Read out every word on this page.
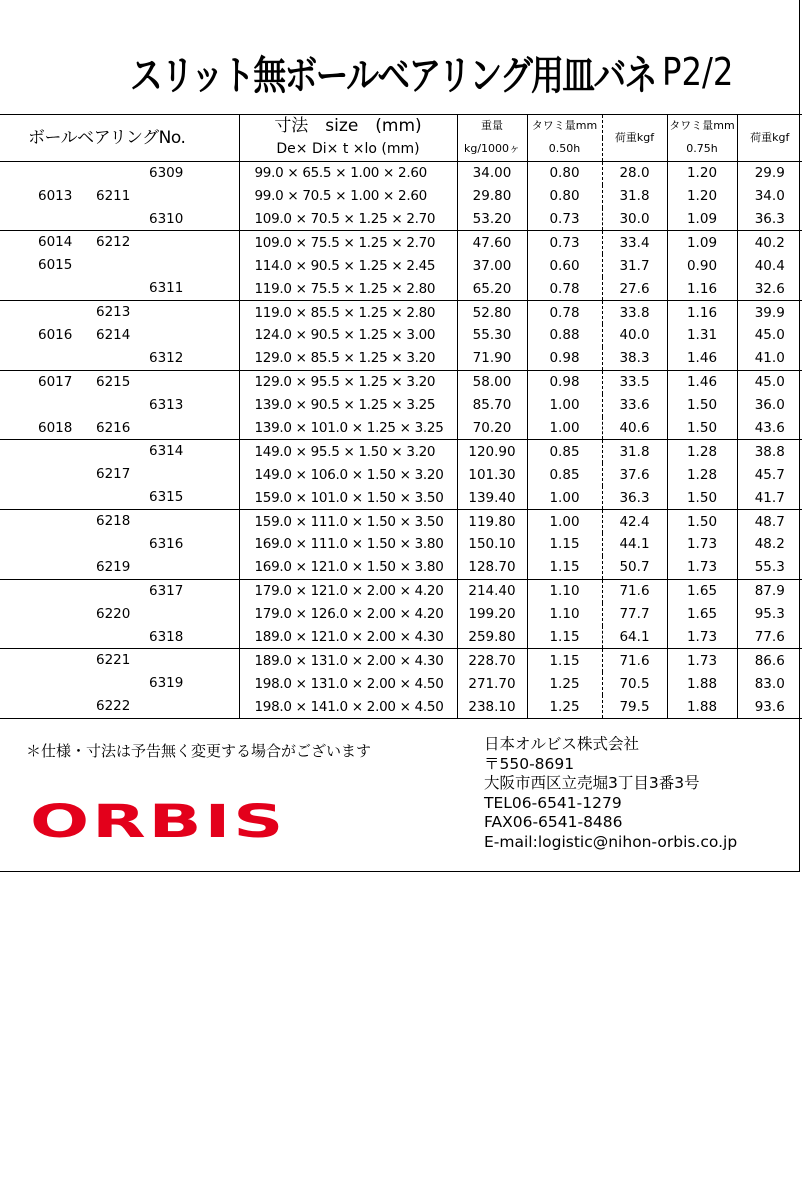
スリット無ボールベアリング用皿バネ P2/2
ボールベアリングNo.	寸法　size　(mm)	重量	タワミ量mm	荷重kgf	タワミ量mm	荷重kgf
	De× Di× t ×lo (mm)	kg/1000ヶ	0.50h		0.75h	

6309	99.0 × 65.5 × 1.00 × 2.60	34.00	0.80	28.0	1.20	29.9

6013 6211	99.0 × 70.5 × 1.00 × 2.60	29.80	0.80	31.8	1.20	34.0

6310	109.0 × 70.5 × 1.25 × 2.70	53.20	0.73	30.0	1.09	36.3

6014 6212	109.0 × 75.5 × 1.25 × 2.70	47.60	0.73	33.4	1.09	40.2

6015	114.0 × 90.5 × 1.25 × 2.45	37.00	0.60	31.7	0.90	40.4

6311	119.0 × 75.5 × 1.25 × 2.80	65.20	0.78	27.6	1.16	32.6

6213	119.0 × 85.5 × 1.25 × 2.80	52.80	0.78	33.8	1.16	39.9

6016 6214	124.0 × 90.5 × 1.25 × 3.00	55.30	0.88	40.0	1.31	45.0

6312	129.0 × 85.5 × 1.25 × 3.20	71.90	0.98	38.3	1.46	41.0

6017 6215	129.0 × 95.5 × 1.25 × 3.20	58.00	0.98	33.5	1.46	45.0

6313	139.0 × 90.5 × 1.25 × 3.25	85.70	1.00	33.6	1.50	36.0

6018 6216	139.0 × 101.0 × 1.25 × 3.25	70.20	1.00	40.6	1.50	43.6

6314	149.0 × 95.5 × 1.50 × 3.20	120.90	0.85	31.8	1.28	38.8

6217	149.0 × 106.0 × 1.50 × 3.20	101.30	0.85	37.6	1.28	45.7

6315	159.0 × 101.0 × 1.50 × 3.50	139.40	1.00	36.3	1.50	41.7

6218	159.0 × 111.0 × 1.50 × 3.50	119.80	1.00	42.4	1.50	48.7

6316	169.0 × 111.0 × 1.50 × 3.80	150.10	1.15	44.1	1.73	48.2

6219	169.0 × 121.0 × 1.50 × 3.80	128.70	1.15	50.7	1.73	55.3

6317	179.0 × 121.0 × 2.00 × 4.20	214.40	1.10	71.6	1.65	87.9

6220	179.0 × 126.0 × 2.00 × 4.20	199.20	1.10	77.7	1.65	95.3

6318	189.0 × 121.0 × 2.00 × 4.30	259.80	1.15	64.1	1.73	77.6

6221	189.0 × 131.0 × 2.00 × 4.30	228.70	1.15	71.6	1.73	86.6

6319	198.0 × 131.0 × 2.00 × 4.50	271.70	1.25	70.5	1.88	83.0

6222	198.0 × 141.0 × 2.00 × 4.50	238.10	1.25	79.5	1.88	93.6
＊仕様・寸法は予告無く変更する場合がございます
ORBIS
日本オルビス株式会社
〒550-8691
大阪市西区立売堀3丁目3番3号
TEL06-6541-1279
FAX06-6541-8486
E-mail:logistic@nihon-orbis.co.jp
